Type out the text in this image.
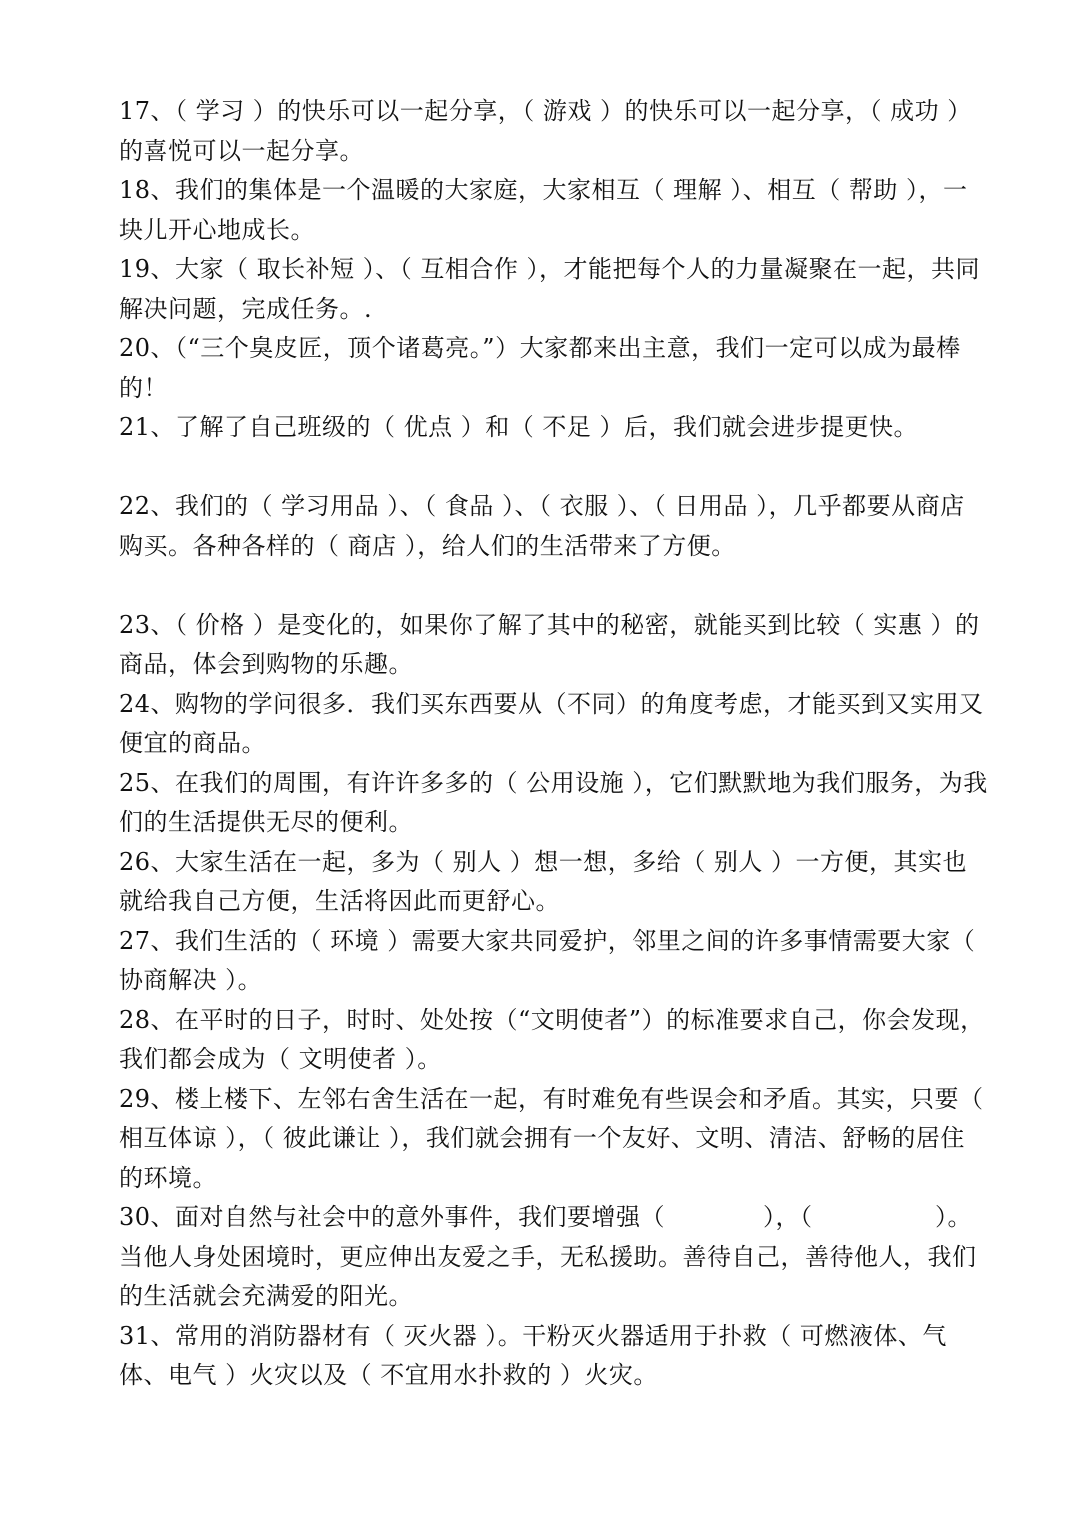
17、（ 学习 ）的快乐可以一起分享，（ 游戏 ）的快乐可以一起分享，（ 成功 ）的喜悦可以一起分享。

18、我们的集体是一个温暖的大家庭，大家相互（ 理解 ）、相互（ 帮助 ），一块儿开心地成长。

19、大家（ 取长补短 ）、（ 互相合作 ），才能把每个人的力量凝聚在一起，共同解决问题，完成任务。.

20、（“三个臭皮匠，顶个诸葛亮。”）大家都来出主意，我们一定可以成为最棒的！

21、了解了自己班级的（ 优点 ）和（ 不足 ）后，我们就会进步提更快。

22、我们的（ 学习用品 ）、（ 食品 ）、（ 衣服 ）、（ 日用品 ），几乎都要从商店购买。各种各样的（ 商店 ），给人们的生活带来了方便。

23、（ 价格 ）是变化的，如果你了解了其中的秘密，就能买到比较（ 实惠 ）的商品，体会到购物的乐趣。

24、购物的学问很多．我们买东西要从（不同）的角度考虑，才能买到又实用又便宜的商品。

25、在我们的周围，有许许多多的（ 公用设施 ），它们默默地为我们服务，为我们的生活提供无尽的便利。

26、大家生活在一起，多为（ 别人 ）想一想，多给（ 别人 ）一方便，其实也就给我自己方便，生活将因此而更舒心。

27、我们生活的（ 环境 ）需要大家共同爱护，邻里之间的许多事情需要大家（ 协商解决 ）。

28、在平时的日子，时时、处处按（“文明使者”）的标准要求自己，你会发现，我们都会成为（ 文明使者 ）。

29、楼上楼下、左邻右舍生活在一起，有时难免有些误会和矛盾。其实，只要（ 相互体谅 ），（ 彼此谦让 ），我们就会拥有一个友好、文明、清洁、舒畅的居住的环境。

30、面对自然与社会中的意外事件，我们要增强（　　　　），（　　　　　）。当他人身处困境时，更应伸出友爱之手，无私援助。善待自己，善待他人，我们的生活就会充满爱的阳光。

31、常用的消防器材有（ 灭火器 ）。干粉灭火器适用于扑救（ 可燃液体、气体、电气 ）火灾以及（ 不宜用水扑救的 ）火灾。
